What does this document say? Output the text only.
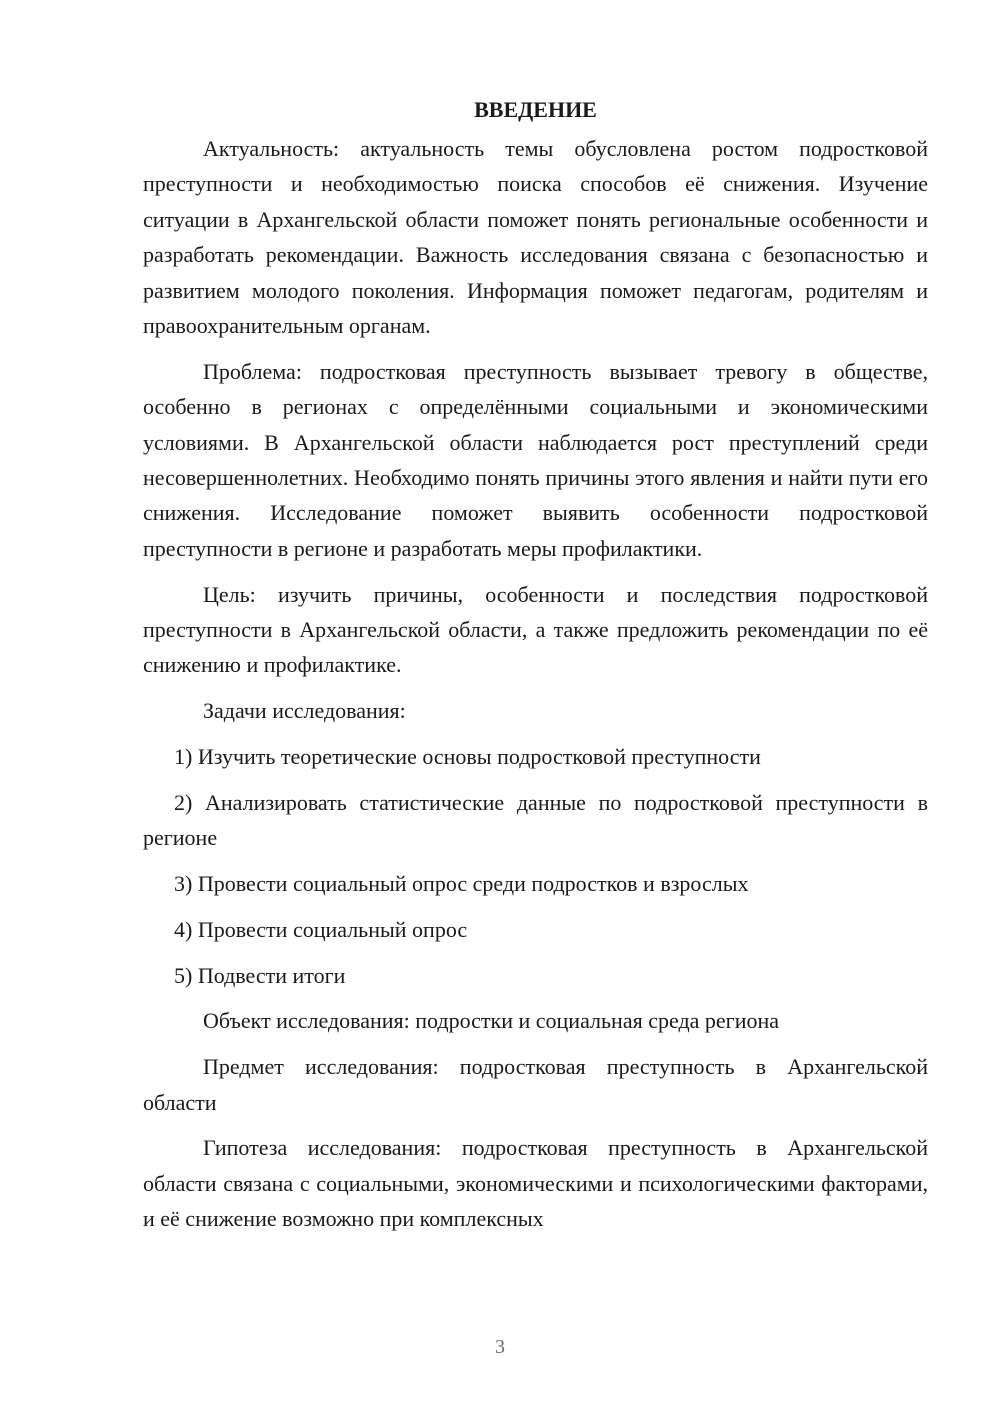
ВВЕДЕНИЕ

Актуальность: актуальность темы обусловлена ростом подростковой преступности и необходимостью поиска способов её снижения. Изучение ситуации в Архангельской области поможет понять региональные особенности и разработать рекомендации. Важность исследования связана с безопасностью и развитием молодого поколения. Информация поможет педагогам, родителям и правоохранительным органам.

Проблема: подростковая преступность вызывает тревогу в обществе, особенно в регионах с определёнными социальными и экономическими условиями. В Архангельской области наблюдается рост преступлений среди несовершеннолетних. Необходимо понять причины этого явления и найти пути его снижения. Исследование поможет выявить особенности подростковой преступности в регионе и разработать меры профилактики.

Цель: изучить причины, особенности и последствия подростковой преступности в Архангельской области, а также предложить рекомендации по её снижению и профилактике.

Задачи исследования:

1) Изучить теоретические основы подростковой преступности

2) Анализировать статистические данные по подростковой преступности в регионе

3) Провести социальный опрос среди подростков и взрослых

4) Провести социальный опрос

5) Подвести итоги

Объект исследования: подростки и социальная среда региона

Предмет исследования: подростковая преступность в Архангельской области

Гипотеза исследования: подростковая преступность в Архангельской области связана с социальными, экономическими и психологическими факторами, и её снижение возможно при комплексных

3
